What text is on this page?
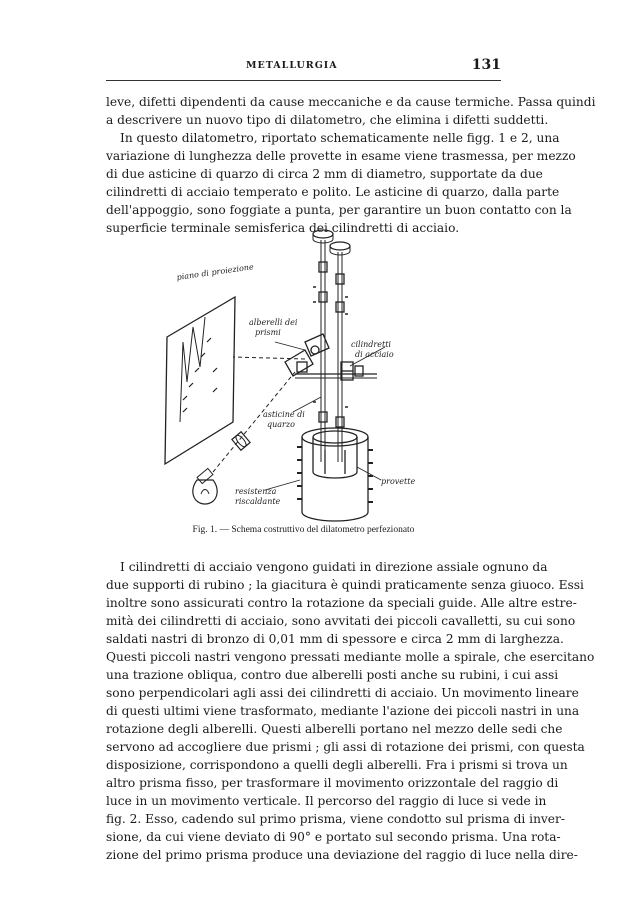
METALLURGIA	131
leve, difetti dipendenti da cause meccaniche e da cause termiche. Passa quindi
a descrivere un nuovo tipo di dilatometro, che elimina i difetti suddetti.
In questo dilatometro, riportato schematicamente nelle figg. 1 e 2, una
variazione di lunghezza delle provette in esame viene trasmessa, per mezzo
di due asticine di quarzo di circa 2 mm di diametro, supportate da due
cilindretti di acciaio temperato e polito. Le asticine di quarzo, dalla parte
dell'appoggio, sono foggiate a punta, per garantire un buon contatto con la
superficie terminale semisferica dei cilindretti di acciaio.
piano di proiezione
alberelli dei
prismi
cilindretti
di acciaio
asticine di
quarzo
provette
resistenza
riscaldante
Fig. 1. — Schema costruttivo del dilatometro perfezionato
I cilindretti di acciaio vengono guidati in direzione assiale ognuno da
due supporti di rubino ; la giacitura è quindi praticamente senza giuoco. Essi
inoltre sono assicurati contro la rotazione da speciali guide. Alle altre estre-
mità dei cilindretti di acciaio, sono avvitati dei piccoli cavalletti, su cui sono
saldati nastri di bronzo di 0,01 mm di spessore e circa 2 mm di larghezza.
Questi piccoli nastri vengono pressati mediante molle a spirale, che esercitano
una trazione obliqua, contro due alberelli posti anche su rubini, i cui assi
sono perpendicolari agli assi dei cilindretti di acciaio. Un movimento lineare
di questi ultimi viene trasformato, mediante l'azione dei piccoli nastri in una
rotazione degli alberelli. Questi alberelli portano nel mezzo delle sedi che
servono ad accogliere due prismi ; gli assi di rotazione dei prismi, con questa
disposizione, corrispondono a quelli degli alberelli. Fra i prismi si trova un
altro prisma fisso, per trasformare il movimento orizzontale del raggio di
luce in un movimento verticale. Il percorso del raggio di luce si vede in
fig. 2. Esso, cadendo sul primo prisma, viene condotto sul prisma di inver-
sione, da cui viene deviato di 90° e portato sul secondo prisma. Una rota-
zione del primo prisma produce una deviazione del raggio di luce nella dire-
